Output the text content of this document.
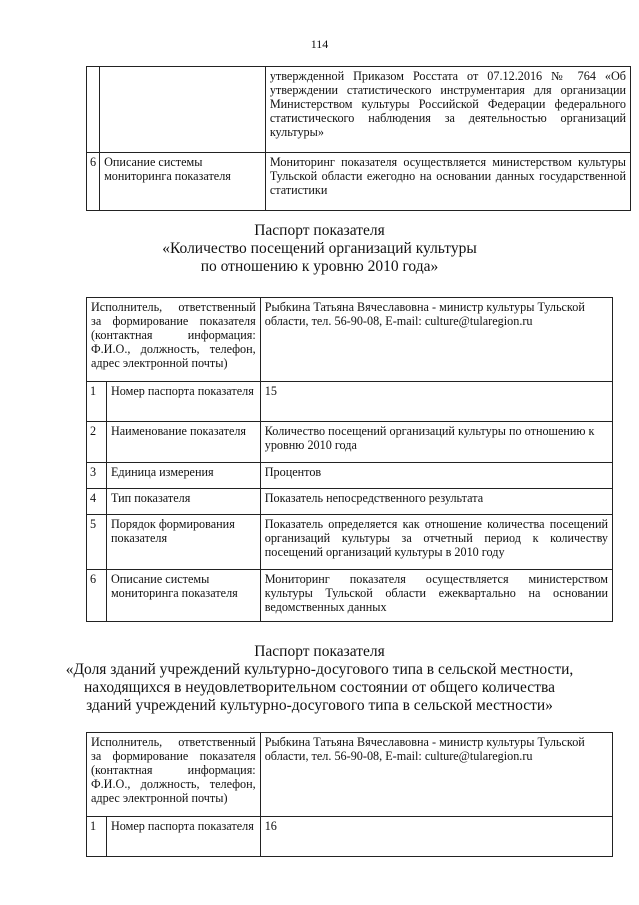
114
		утвержденной Приказом Росстата от 07.12.2016 № 764 «Об утверждении статистического инструментария для организации Министерством культуры Российской Федерации федерального статистического наблюдения за деятельностью организаций культуры»
6	Описание системы мониторинга показателя	Мониторинг показателя осуществляется министерством культуры Тульской области ежегодно на основании данных государственной статистики
Паспорт показателя
«Количество посещений организаций культуры
по отношению к уровню 2010 года»
Исполнитель, ответственный за формирование показателя (контактная информация: Ф.И.О., должность, телефон, адрес электронной почты)		Рыбкина Татьяна Вячеславовна - министр культуры Тульской области, тел. 56-90-08, E-mail: culture@tularegion.ru
1	Номер паспорта показателя	15
2	Наименование показателя	Количество посещений организаций культуры по отношению к уровню 2010 года
3	Единица измерения	Процентов
4	Тип показателя	Показатель непосредственного результата
5	Порядок формирования показателя	Показатель определяется как отношение количества посещений организаций культуры за отчетный период к количеству посещений организаций культуры в 2010 году
6	Описание системы мониторинга показателя	Мониторинг показателя осуществляется министерством культуры Тульской области ежеквартально на основании ведомственных данных
Паспорт показателя
«Доля зданий учреждений культурно-досугового типа в сельской местности,
находящихся в неудовлетворительном состоянии от общего количества
зданий учреждений культурно-досугового типа в сельской местности»
Исполнитель, ответственный за формирование показателя (контактная информация: Ф.И.О., должность, телефон, адрес электронной почты)		Рыбкина Татьяна Вячеславовна - министр культуры Тульской области, тел. 56-90-08, E-mail: culture@tularegion.ru
1	Номер паспорта показателя	16
